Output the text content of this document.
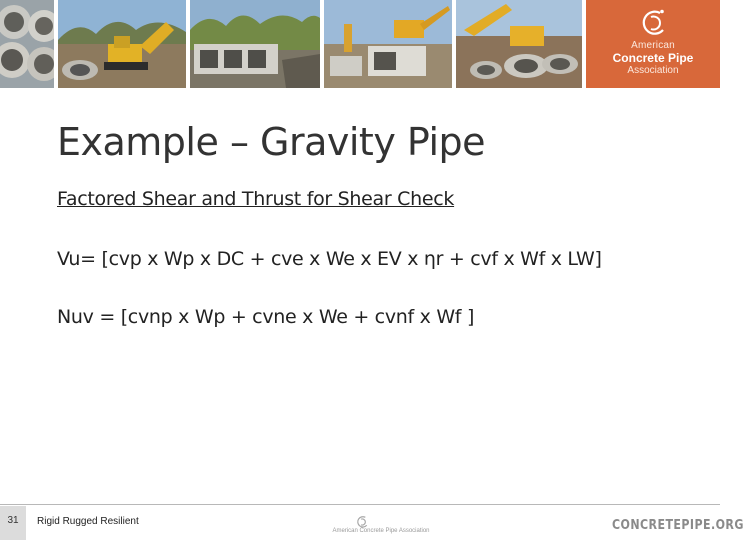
American
Concrete Pipe
Association
Example – Gravity Pipe
Factored Shear and Thrust for Shear Check
Vu= [cvp x Wp x DC + cve x We x EV x ηr + cvf x Wf x LW]
Nuv = [cvnp x Wp + cvne x We + cvnf x Wf ]
31	Rigid Rugged Resilient
American Concrete Pipe Association	CONCRETEPIPE.ORG
